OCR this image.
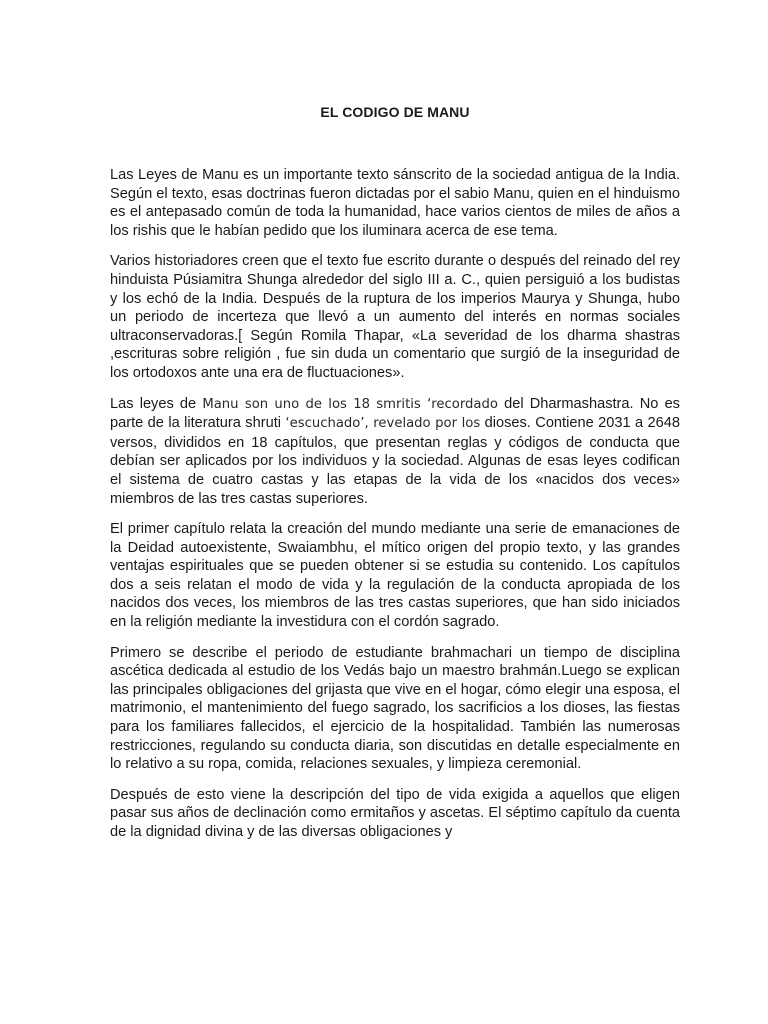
EL CODIGO DE MANU

Las Leyes de Manu es un importante texto sánscrito de la sociedad antigua de la India. Según el texto, esas doctrinas fueron dictadas por el sabio Manu, quien en el hinduismo es el antepasado común de toda la humanidad, hace varios cientos de miles de años a los rishis que le habían pedido que los iluminara acerca de ese tema.

Varios historiadores creen que el texto fue escrito durante o después del reinado del rey hinduista Púsiamitra Shunga alrededor del siglo III a. C., quien persiguió a los budistas y los echó de la India. Después de la ruptura de los imperios Maurya y Shunga, hubo un periodo de incerteza que llevó a un aumento del interés en normas sociales ultraconservadoras.[ Según Romila Thapar, «La severidad de los dharma shastras ,escrituras sobre religión , fue sin duda un comentario que surgió de la inseguridad de los ortodoxos ante una era de fluctuaciones».

Las leyes de Manu son uno de los 18 smritis ‘recordado del Dharmashastra. No es parte de la literatura shruti ‘escuchado’, revelado por los dioses. Contiene 2031 a 2648 versos, divididos en 18 capítulos, que presentan reglas y códigos de conducta que debían ser aplicados por los individuos y la sociedad. Algunas de esas leyes codifican el sistema de cuatro castas y las etapas de la vida de los «nacidos dos veces» miembros de las tres castas superiores.

El primer capítulo relata la creación del mundo mediante una serie de emanaciones de la Deidad autoexistente, Swaiambhu, el mítico origen del propio texto, y las grandes ventajas espirituales que se pueden obtener si se estudia su contenido. Los capítulos dos a seis relatan el modo de vida y la regulación de la conducta apropiada de los nacidos dos veces, los miembros de las tres castas superiores, que han sido iniciados en la religión mediante la investidura con el cordón sagrado.

Primero se describe el periodo de estudiante brahmachari un tiempo de disciplina ascética dedicada al estudio de los Vedás bajo un maestro brahmán.Luego se explican las principales obligaciones del grijasta que vive en el hogar, cómo elegir una esposa, el matrimonio, el mantenimiento del fuego sagrado, los sacrificios a los dioses, las fiestas para los familiares fallecidos, el ejercicio de la hospitalidad. También las numerosas restricciones, regulando su conducta diaria, son discutidas en detalle especialmente en lo relativo a su ropa, comida, relaciones sexuales, y limpieza ceremonial.

Después de esto viene la descripción del tipo de vida exigida a aquellos que eligen pasar sus años de declinación como ermitaños y ascetas. El séptimo capítulo da cuenta de la dignidad divina y de las diversas obligaciones y
